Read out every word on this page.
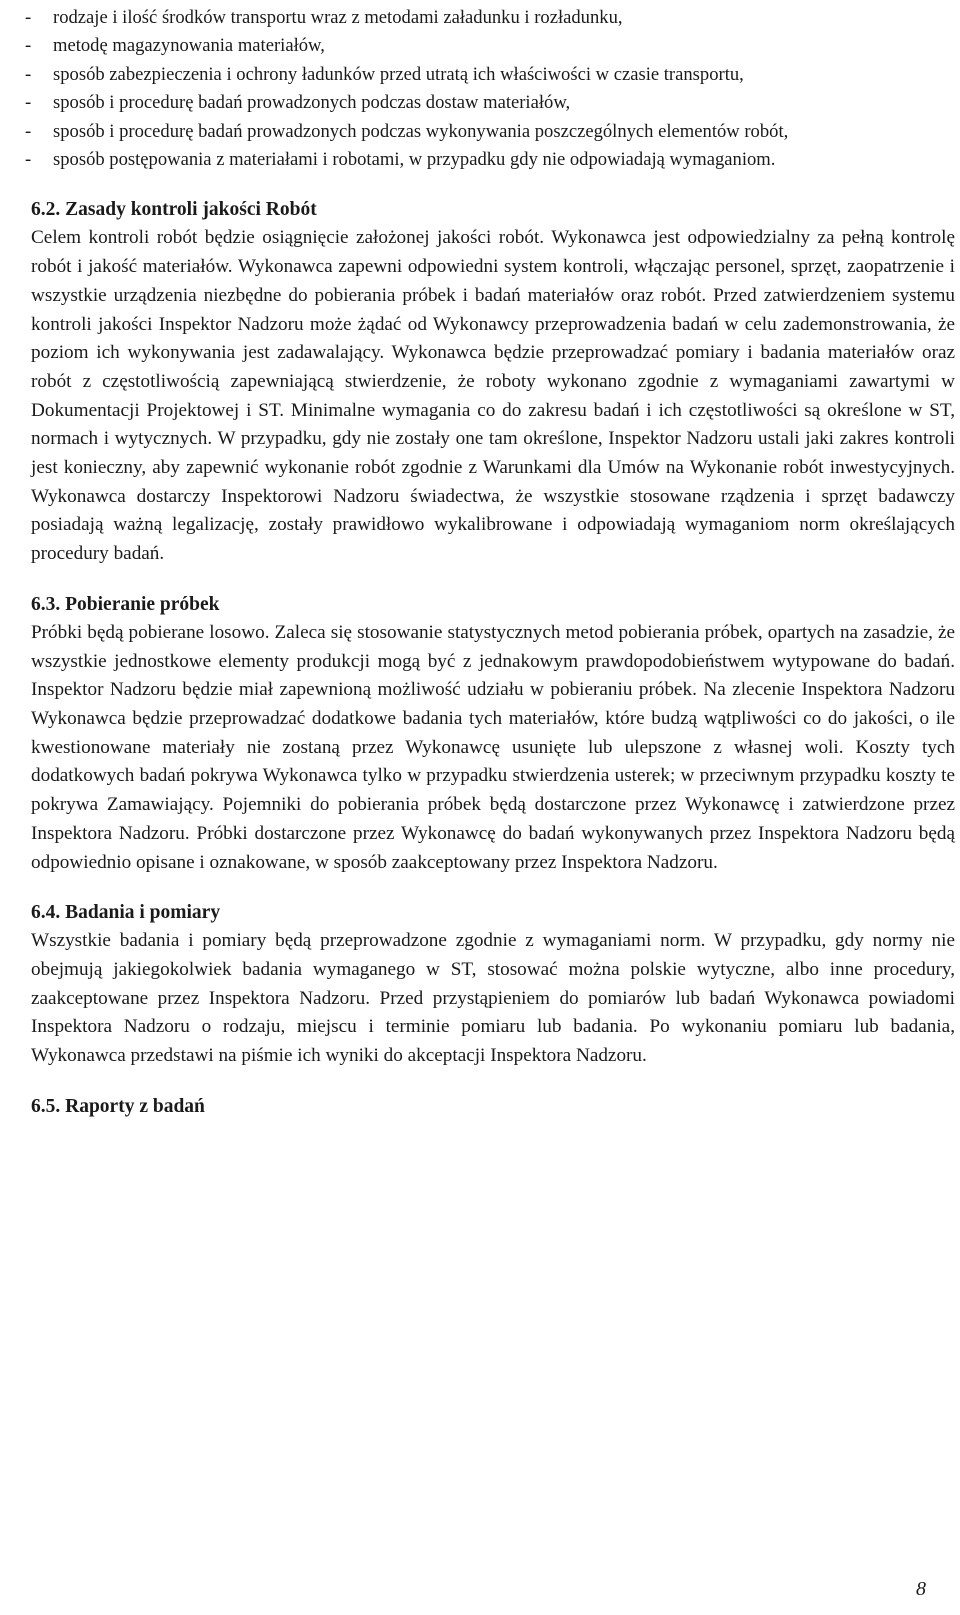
- rodzaje i ilość środków transportu wraz z metodami załadunku i rozładunku,
- metodę magazynowania materiałów,
- sposób zabezpieczenia i ochrony ładunków przed utratą ich właściwości w czasie transportu,
- sposób i procedurę badań prowadzonych podczas dostaw materiałów,
- sposób i procedurę badań prowadzonych podczas wykonywania poszczególnych elementów robót,
- sposób postępowania z materiałami i robotami, w przypadku gdy nie odpowiadają wymaganiom.
6.2. Zasady kontroli jakości Robót

Celem kontroli robót będzie osiągnięcie założonej jakości robót. Wykonawca jest odpowiedzialny za pełną kontrolę robót i jakość materiałów. Wykonawca zapewni odpowiedni system kontroli, włączając personel, sprzęt, zaopatrzenie i wszystkie urządzenia niezbędne do pobierania próbek i badań materiałów oraz robót. Przed zatwierdzeniem systemu kontroli jakości Inspektor Nadzoru może żądać od Wykonawcy przeprowadzenia badań w celu zademonstrowania, że poziom ich wykonywania jest zadawalający. Wykonawca będzie przeprowadzać pomiary i badania materiałów oraz robót z częstotliwością zapewniającą stwierdzenie, że roboty wykonano zgodnie z wymaganiami zawartymi w Dokumentacji Projektowej i ST. Minimalne wymagania co do zakresu badań i ich częstotliwości są określone w ST, normach i wytycznych. W przypadku, gdy nie zostały one tam określone, Inspektor Nadzoru ustali jaki zakres kontroli jest konieczny, aby zapewnić wykonanie robót zgodnie z Warunkami dla Umów na Wykonanie robót inwestycyjnych. Wykonawca dostarczy Inspektorowi Nadzoru świadectwa, że wszystkie stosowane rządzenia i sprzęt badawczy posiadają ważną legalizację, zostały prawidłowo wykalibrowane i odpowiadają wymaganiom norm określających procedury badań.

6.3. Pobieranie próbek

Próbki będą pobierane losowo. Zaleca się stosowanie statystycznych metod pobierania próbek, opartych na zasadzie, że wszystkie jednostkowe elementy produkcji mogą być z jednakowym prawdopodobieństwem wytypowane do badań. Inspektor Nadzoru będzie miał zapewnioną możliwość udziału w pobieraniu próbek. Na zlecenie Inspektora Nadzoru Wykonawca będzie przeprowadzać dodatkowe badania tych materiałów, które budzą wątpliwości co do jakości, o ile kwestionowane materiały nie zostaną przez Wykonawcę usunięte lub ulepszone z własnej woli. Koszty tych dodatkowych badań pokrywa Wykonawca tylko w przypadku stwierdzenia usterek; w przeciwnym przypadku koszty te pokrywa Zamawiający. Pojemniki do pobierania próbek będą dostarczone przez Wykonawcę i zatwierdzone przez Inspektora Nadzoru. Próbki dostarczone przez Wykonawcę do badań wykonywanych przez Inspektora Nadzoru będą odpowiednio opisane i oznakowane, w sposób zaakceptowany przez Inspektora Nadzoru.

6.4. Badania i pomiary

Wszystkie badania i pomiary będą przeprowadzone zgodnie z wymaganiami norm. W przypadku, gdy normy nie obejmują jakiegokolwiek badania wymaganego w ST, stosować można polskie wytyczne, albo inne procedury, zaakceptowane przez Inspektora Nadzoru. Przed przystąpieniem do pomiarów lub badań Wykonawca powiadomi Inspektora Nadzoru o rodzaju, miejscu i terminie pomiaru lub badania. Po wykonaniu pomiaru lub badania, Wykonawca przedstawi na piśmie ich wyniki do akceptacji Inspektora Nadzoru.

6.5. Raporty z badań
8
